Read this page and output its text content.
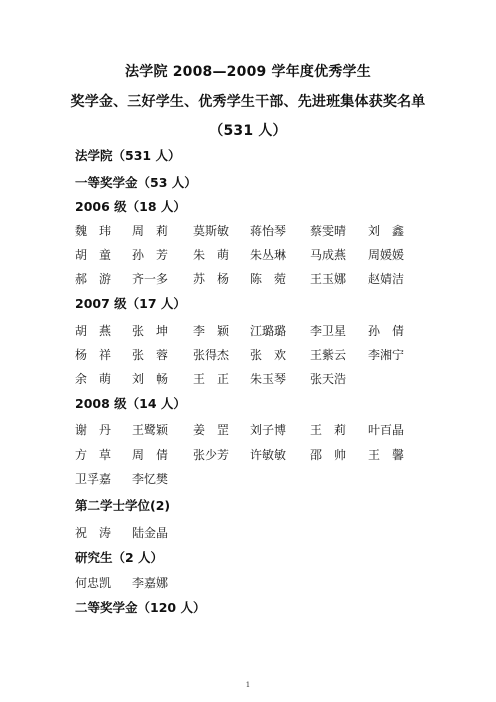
法学院 2008—2009 学年度优秀学生
奖学金、三好学生、优秀学生干部、先进班集体获奖名单
（531 人）
法学院（531 人）
一等奖学金（53 人）
2006 级（18 人）
魏　玮 周　莉 莫斯敏 蒋怡琴 蔡雯晴 刘　鑫
胡　童 孙　芳 朱　萌 朱丛琳 马成燕 周媛媛
郝　游 齐一多 苏　杨 陈　菀 王玉娜 赵婧洁
2007 级（17 人）
胡　燕 张　坤 李　颖 江璐璐 李卫星 孙　倩
杨　祥 张　蓉 张得杰 张　欢 王紫云 李湘宁
余　萌 刘　畅 王　正 朱玉琴 张天浩
2008 级（14 人）
谢　丹 王鹭颖 姜　罡 刘子博 王　莉 叶百晶
方　草 周　倩 张少芳 许敏敏 邵　帅 王　馨
卫孚嘉 李忆樊
第二学士学位(2)
祝　涛 陆金晶
研究生（2 人）
何忠凯 李嘉娜
二等奖学金（120 人）
1
